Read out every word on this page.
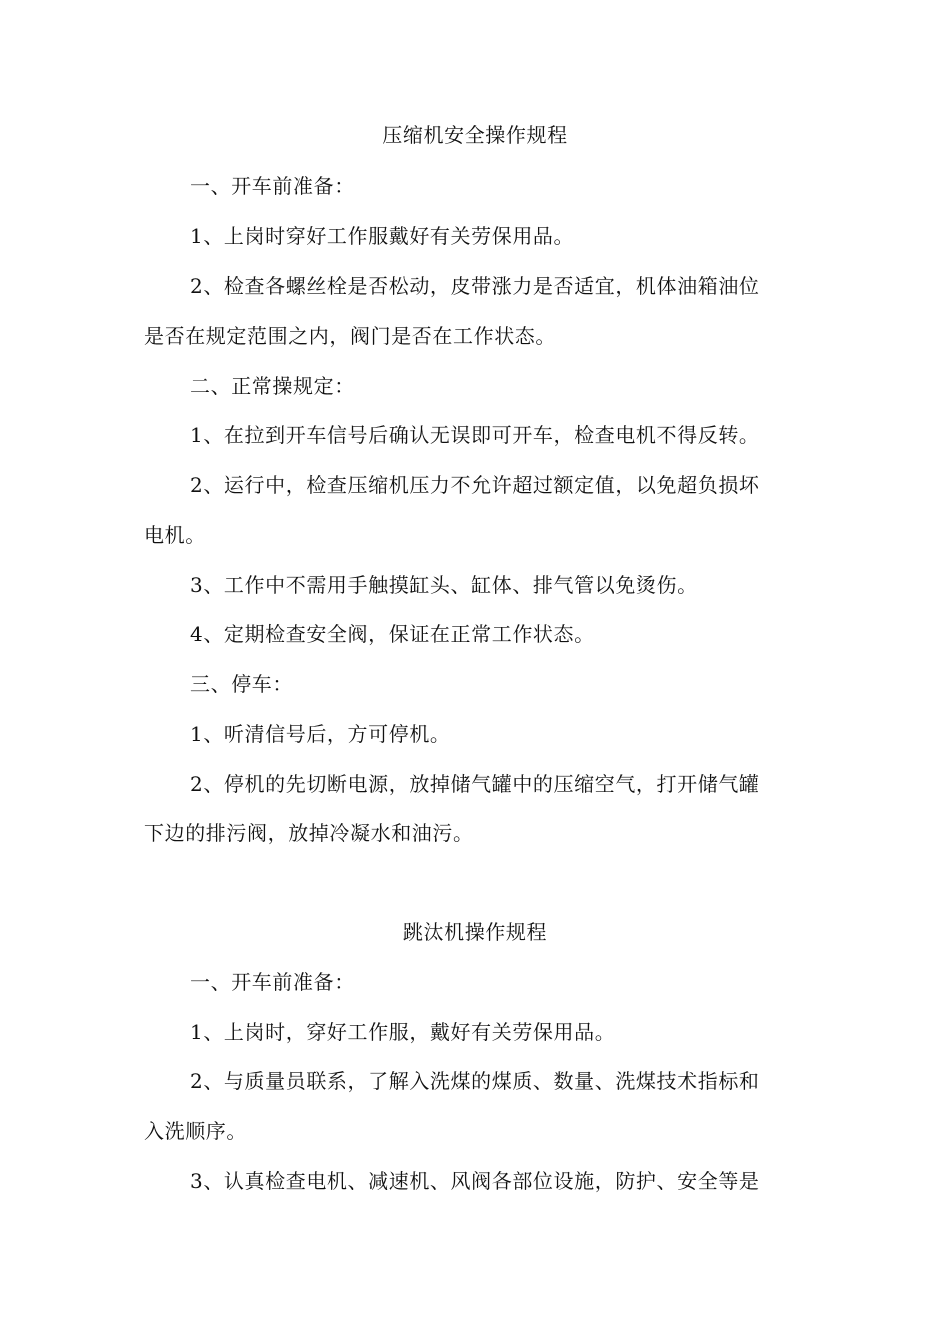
压缩机安全操作规程
一、开车前准备：
1、上岗时穿好工作服戴好有关劳保用品。
2、检查各螺丝栓是否松动，皮带涨力是否适宜，机体油箱油位
是否在规定范围之内，阀门是否在工作状态。
二、正常操规定：
1、在拉到开车信号后确认无误即可开车，检查电机不得反转。
2、运行中，检查压缩机压力不允许超过额定值，以免超负损坏
电机。
3、工作中不需用手触摸缸头、缸体、排气管以免烫伤。
4、定期检查安全阀，保证在正常工作状态。
三、停车：
1、听清信号后，方可停机。
2、停机的先切断电源，放掉储气罐中的压缩空气，打开储气罐
下边的排污阀，放掉冷凝水和油污。
跳汰机操作规程
一、开车前准备：
1、上岗时，穿好工作服，戴好有关劳保用品。
2、与质量员联系，了解入洗煤的煤质、数量、洗煤技术指标和
入洗顺序。
3、认真检查电机、减速机、风阀各部位设施，防护、安全等是
